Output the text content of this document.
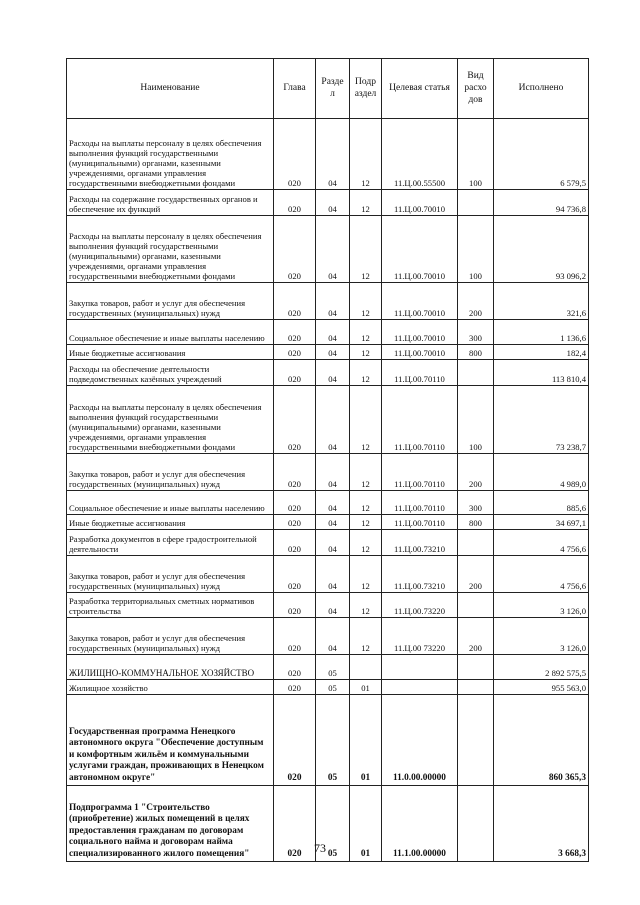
Наименование	Глава	Разде л	Подр аздел	Целевая статья	Вид расхо дов	Исполнено
Расходы на выплаты персоналу в целях обеспечения выполнения функций государственными (муниципальными) органами, казенными учреждениями, органами управления государственными внебюджетными фондами	020	04	12	11.Ц.00.55500	100	6 579,5
Расходы на содержание государственных органов и обеспечение их функций	020	04	12	11.Ц.00.70010		94 736,8
Расходы на выплаты персоналу в целях обеспечения выполнения функций государственными (муниципальными) органами, казенными учреждениями, органами управления государственными внебюджетными фондами	020	04	12	11.Ц.00.70010	100	93 096,2
Закупка товаров, работ и услуг для обеспечения государственных (муниципальных) нужд	020	04	12	11.Ц.00.70010	200	321,6
Социальное обеспечение и иные выплаты населению	020	04	12	11.Ц.00.70010	300	1 136,6
Иные бюджетные ассигнования	020	04	12	11.Ц.00.70010	800	182,4
Расходы на обеспечение деятельности подведомственных казённых учреждений	020	04	12	11.Ц.00.70110		113 810,4
Расходы на выплаты персоналу в целях обеспечения выполнения функций государственными (муниципальными) органами, казенными учреждениями, органами управления государственными внебюджетными фондами	020	04	12	11.Ц.00.70110	100	73 238,7
Закупка товаров, работ и услуг для обеспечения государственных (муниципальных) нужд	020	04	12	11.Ц.00.70110	200	4 989,0
Социальное обеспечение и иные выплаты населению	020	04	12	11.Ц.00.70110	300	885,6
Иные бюджетные ассигнования	020	04	12	11.Ц.00.70110	800	34 697,1
Разработка документов в сфере градостроительной деятельности	020	04	12	11.Ц.00.73210		4 756,6
Закупка товаров, работ и услуг для обеспечения государственных (муниципальных) нужд	020	04	12	11.Ц.00.73210	200	4 756,6
Разработка территориальных сметных нормативов строительства	020	04	12	11.Ц.00.73220		3 126,0
Закупка товаров, работ и услуг для обеспечения государственных (муниципальных) нужд	020	04	12	11.Ц.00 73220	200	3 126,0
ЖИЛИЩНО-КОММУНАЛЬНОЕ ХОЗЯЙСТВО	020	05				2 892 575,5
Жилищное хозяйство	020	05	01			955 563,0
Государственная программа Ненецкого автономного округа "Обеспечение доступным и комфортным жильём и коммунальными услугами граждан, проживающих в Ненецком автономном округе"	020	05	01	11.0.00.00000		860 365,3
Подпрограмма 1 "Строительство (приобретение) жилых помещений в целях предоставления гражданам по договорам социального найма и договорам найма специализированного жилого помещения"	020	05	01	11.1.00.00000		3 668,3
73
